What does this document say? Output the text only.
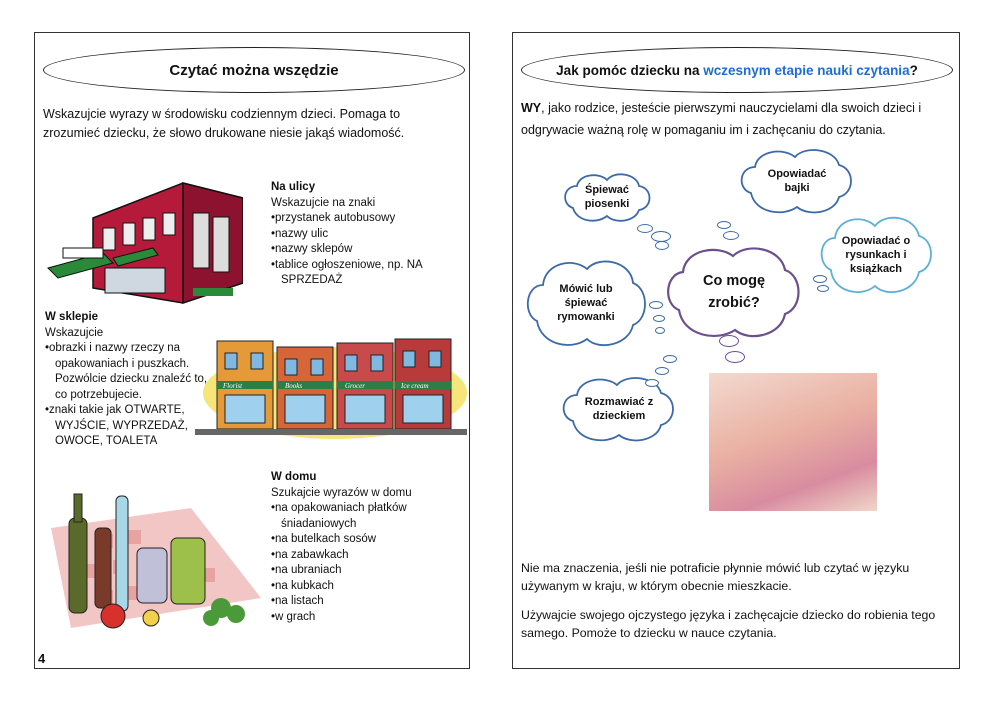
Czytać można wszędzie
Wskazujcie wyrazy w środowisku codziennym dzieci. Pomaga to zrozumieć dziecku, że słowo drukowane niesie jakąś wiadomość.
Na ulicy
Wskazujcie na znaki
• przystanek autobusowy
• nazwy ulic
• nazwy sklepów
• tablice ogłoszeniowe, np. NA SPRZEDAŻ
W sklepie
Wskazujcie
• obrazki i nazwy rzeczy na opakowaniach i puszkach. Pozwólcie dziecku znaleźć to, co potrzebujecie.
• znaki takie jak OTWARTE, WYJŚCIE, WYPRZEDAŻ, OWOCE, TOALETA
Florist	Books	Grocer	Ice cream
W domu
Szukajcie wyrazów w domu
• na opakowaniach płatków śniadaniowych
• na butelkach sosów
• na zabawkach
• na ubraniach
• na kubkach
• na listach
• w grach
4
Jak pomóc dziecku na wczesnym etapie nauki czytania?
WY, jako rodzice, jesteście pierwszymi nauczycielami dla swoich dzieci i odgrywacie ważną rolę w pomaganiu im i zachęcaniu do czytania.
Śpiewać piosenki
Opowiadać bajki
Opowiadać o rysunkach i książkach
Co mogę zrobić?
Mówić lub śpiewać rymowanki
Rozmawiać z dzieckiem
Nie ma znaczenia, jeśli nie potraficie płynnie mówić lub czytać w języku używanym w kraju, w którym obecnie mieszkacie.
Używajcie swojego ojczystego języka i zachęcajcie dziecko do robienia tego samego. Pomoże to dziecku w nauce czytania.
